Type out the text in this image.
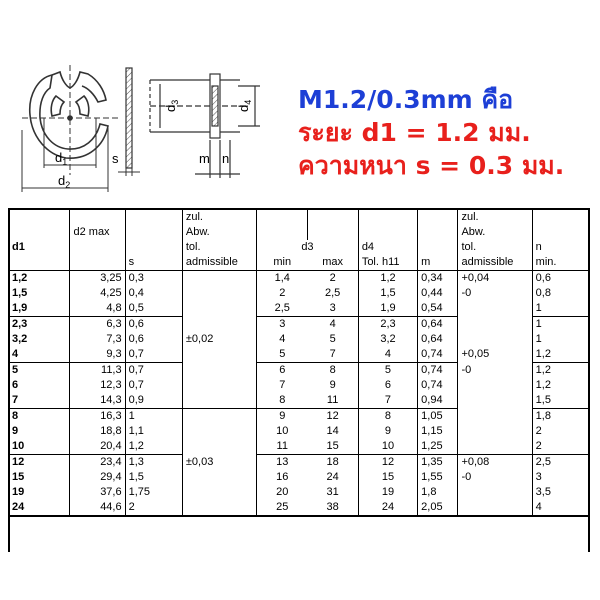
$d_1$
$d_2$
s
$d_3$
$d_4$
m n
M1.2/0.3mm คือ
ระยะ d1 = 1.2 มม.
ความหนา s = 0.3 มม.
			zul.					zul.	
	d2 max		Abw.					Abw.	
d1			tol.	d3		d4		tol.	n
		s	admissible	min	max	Tol. h11	m	admissible	min.
1,2	3,25	0,3		1,4	2	1,2	0,34	+0,04	0,6
1,5	4,25	0,4		2	2,5	1,5	0,44	-0	0,8
1,9	4,8	0,5		2,5	3	1,9	0,54		1
2,3	6,3	0,6		3	4	2,3	0,64		1
3,2	7,3	0,6	±0,02	4	5	3,2	0,64		1
4	9,3	0,7		5	7	4	0,74	+0,05	1,2
5	11,3	0,7		6	8	5	0,74	-0	1,2
6	12,3	0,7		7	9	6	0,74		1,2
7	14,3	0,9		8	11	7	0,94		1,5
8	16,3	1		9	12	8	1,05		1,8
9	18,8	1,1		10	14	9	1,15		2
10	20,4	1,2		11	15	10	1,25		2
12	23,4	1,3	±0,03	13	18	12	1,35	+0,08	2,5
15	29,4	1,5		16	24	15	1,55	-0	3
19	37,6	1,75		20	31	19	1,8		3,5
24	44,6	2		25	38	24	2,05		4
